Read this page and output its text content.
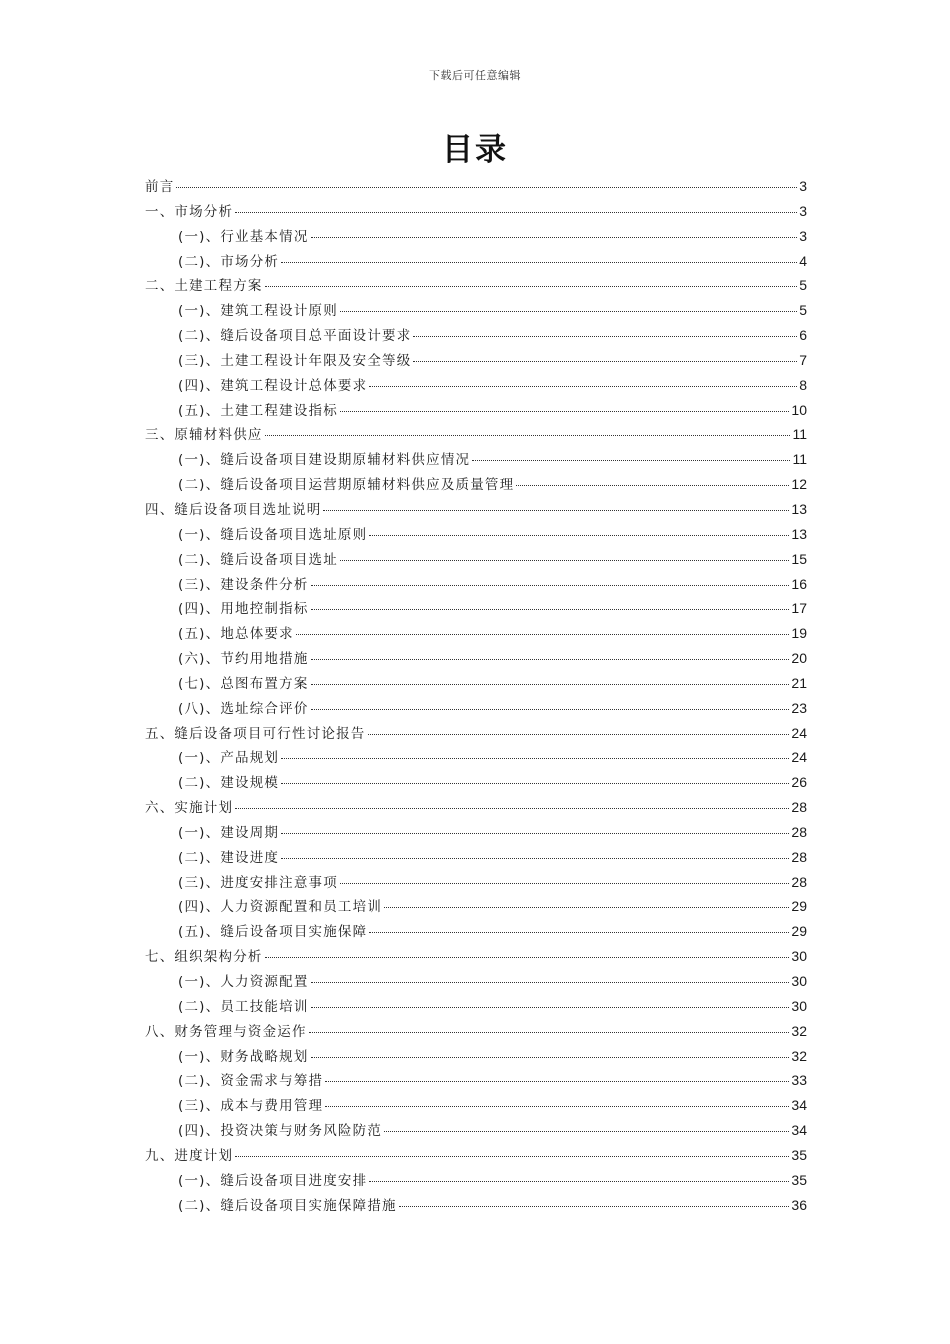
下载后可任意编辑
目录
前言	3
一、市场分析	3
(一)、行业基本情况	3
(二)、市场分析	4
二、土建工程方案	5
(一)、建筑工程设计原则	5
(二)、缝后设备项目总平面设计要求	6
(三)、土建工程设计年限及安全等级	7
(四)、建筑工程设计总体要求	8
(五)、土建工程建设指标	10
三、原辅材料供应	11
(一)、缝后设备项目建设期原辅材料供应情况	11
(二)、缝后设备项目运营期原辅材料供应及质量管理	12
四、缝后设备项目选址说明	13
(一)、缝后设备项目选址原则	13
(二)、缝后设备项目选址	15
(三)、建设条件分析	16
(四)、用地控制指标	17
(五)、地总体要求	19
(六)、节约用地措施	20
(七)、总图布置方案	21
(八)、选址综合评价	23
五、缝后设备项目可行性讨论报告	24
(一)、产品规划	24
(二)、建设规模	26
六、实施计划	28
(一)、建设周期	28
(二)、建设进度	28
(三)、进度安排注意事项	28
(四)、人力资源配置和员工培训	29
(五)、缝后设备项目实施保障	29
七、组织架构分析	30
(一)、人力资源配置	30
(二)、员工技能培训	30
八、财务管理与资金运作	32
(一)、财务战略规划	32
(二)、资金需求与筹措	33
(三)、成本与费用管理	34
(四)、投资决策与财务风险防范	34
九、进度计划	35
(一)、缝后设备项目进度安排	35
(二)、缝后设备项目实施保障措施	36
